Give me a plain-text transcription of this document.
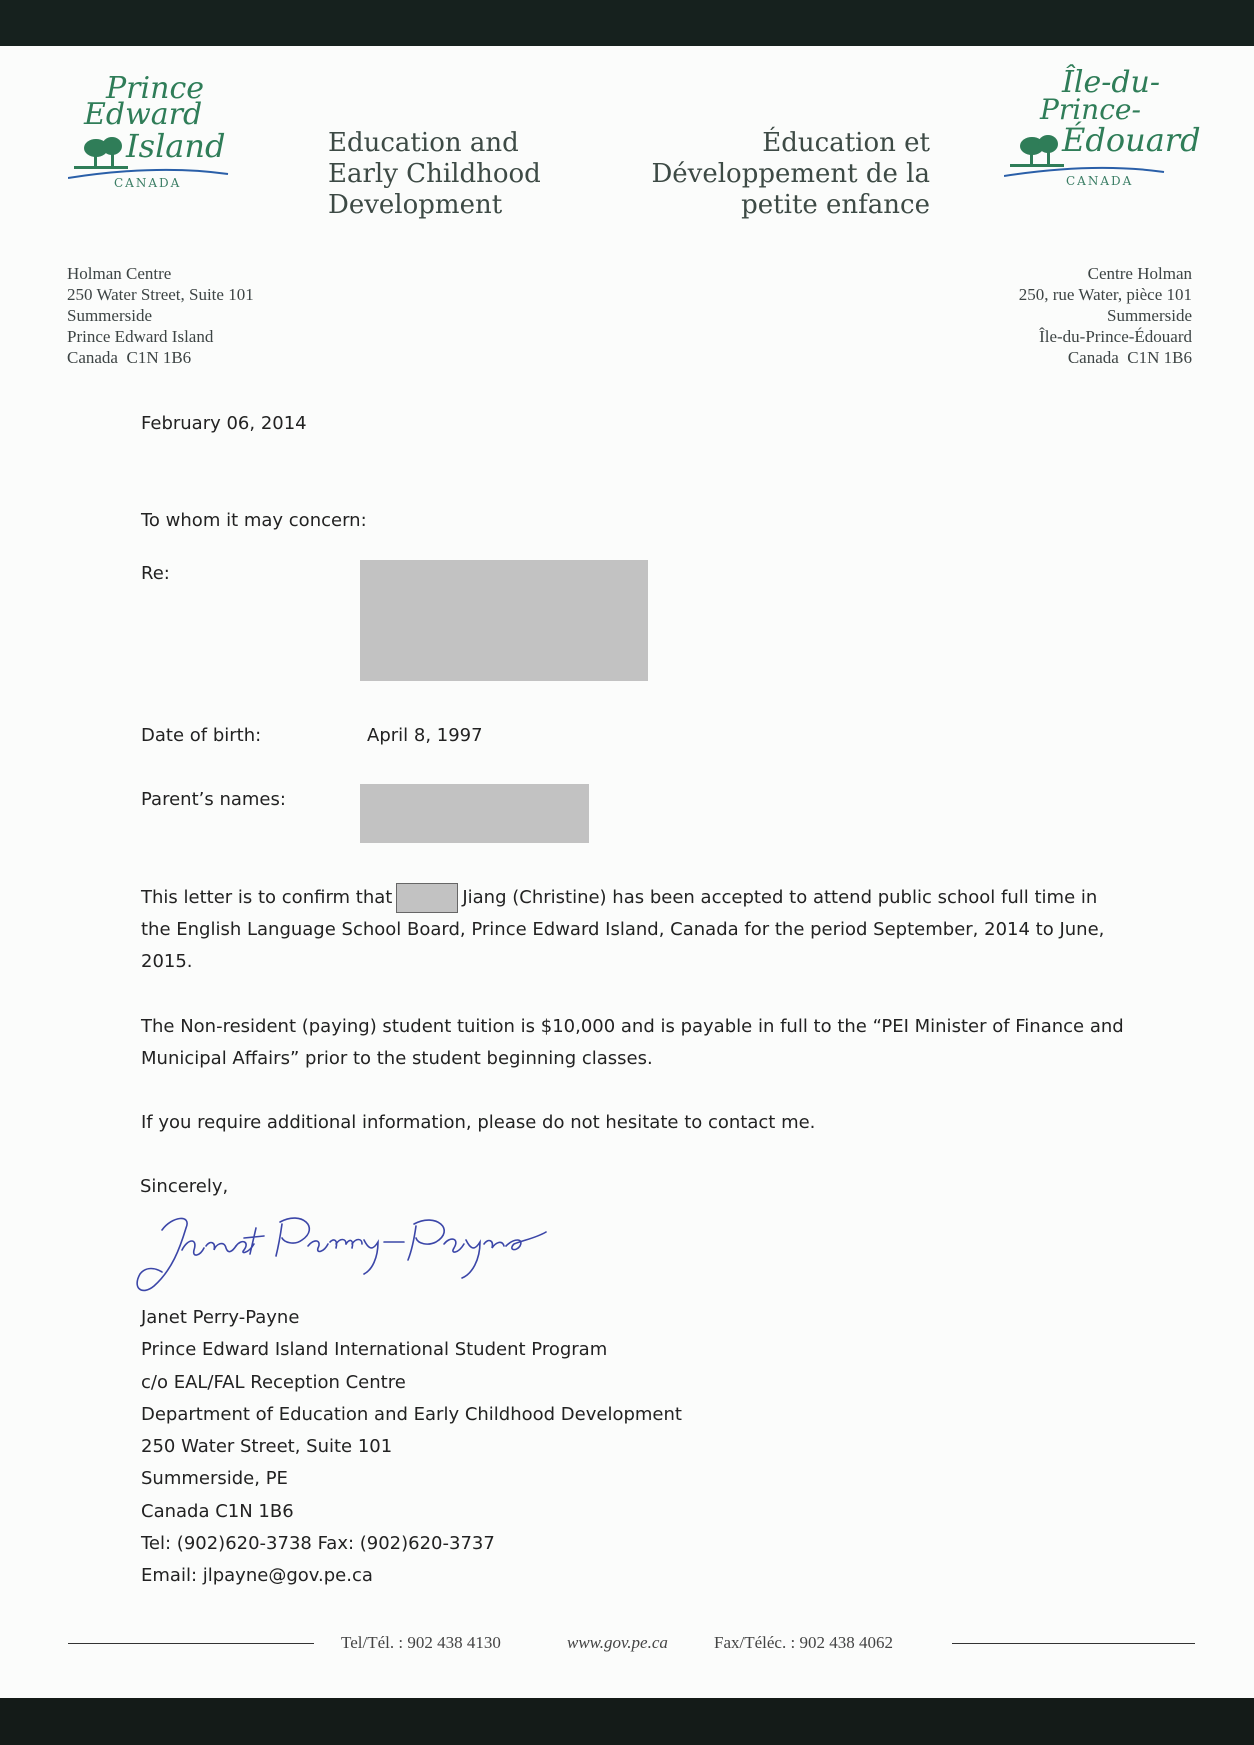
Prince
Edward
Island
CANADA
Île-du-
Prince-
Édouard
CANADA
Education and
Early Childhood
Development
Éducation et
Développement de la
petite enfance
Holman Centre
250 Water Street, Suite 101
Summerside
Prince Edward Island
Canada  C1N 1B6
Centre Holman
250, rue Water, pièce 101
Summerside
Île-du-Prince-Édouard
Canada  C1N 1B6
February 06, 2014
To whom it may concern:
Re:
Date of birth:	April 8, 1997
Parent’s names:
This letter is to confirm that	Jiang (Christine) has been accepted to attend public school full time in the English Language School Board, Prince Edward Island, Canada for the period September, 2014 to June, 2015.
The Non-resident (paying) student tuition is $10,000 and is payable in full to the “PEI Minister of Finance and Municipal Affairs” prior to the student beginning classes.
If you require additional information, please do not hesitate to contact me.
Sincerely,
Janet Perry-Payne
Prince Edward Island International Student Program
c/o EAL/FAL Reception Centre
Department of Education and Early Childhood Development
250 Water Street, Suite 101
Summerside, PE
Canada C1N 1B6
Tel: (902)620-3738 Fax: (902)620-3737
Email: jlpayne@gov.pe.ca
Tel/Tél. : 902 438 4130	www.gov.pe.ca	Fax/Téléc. : 902 438 4062
